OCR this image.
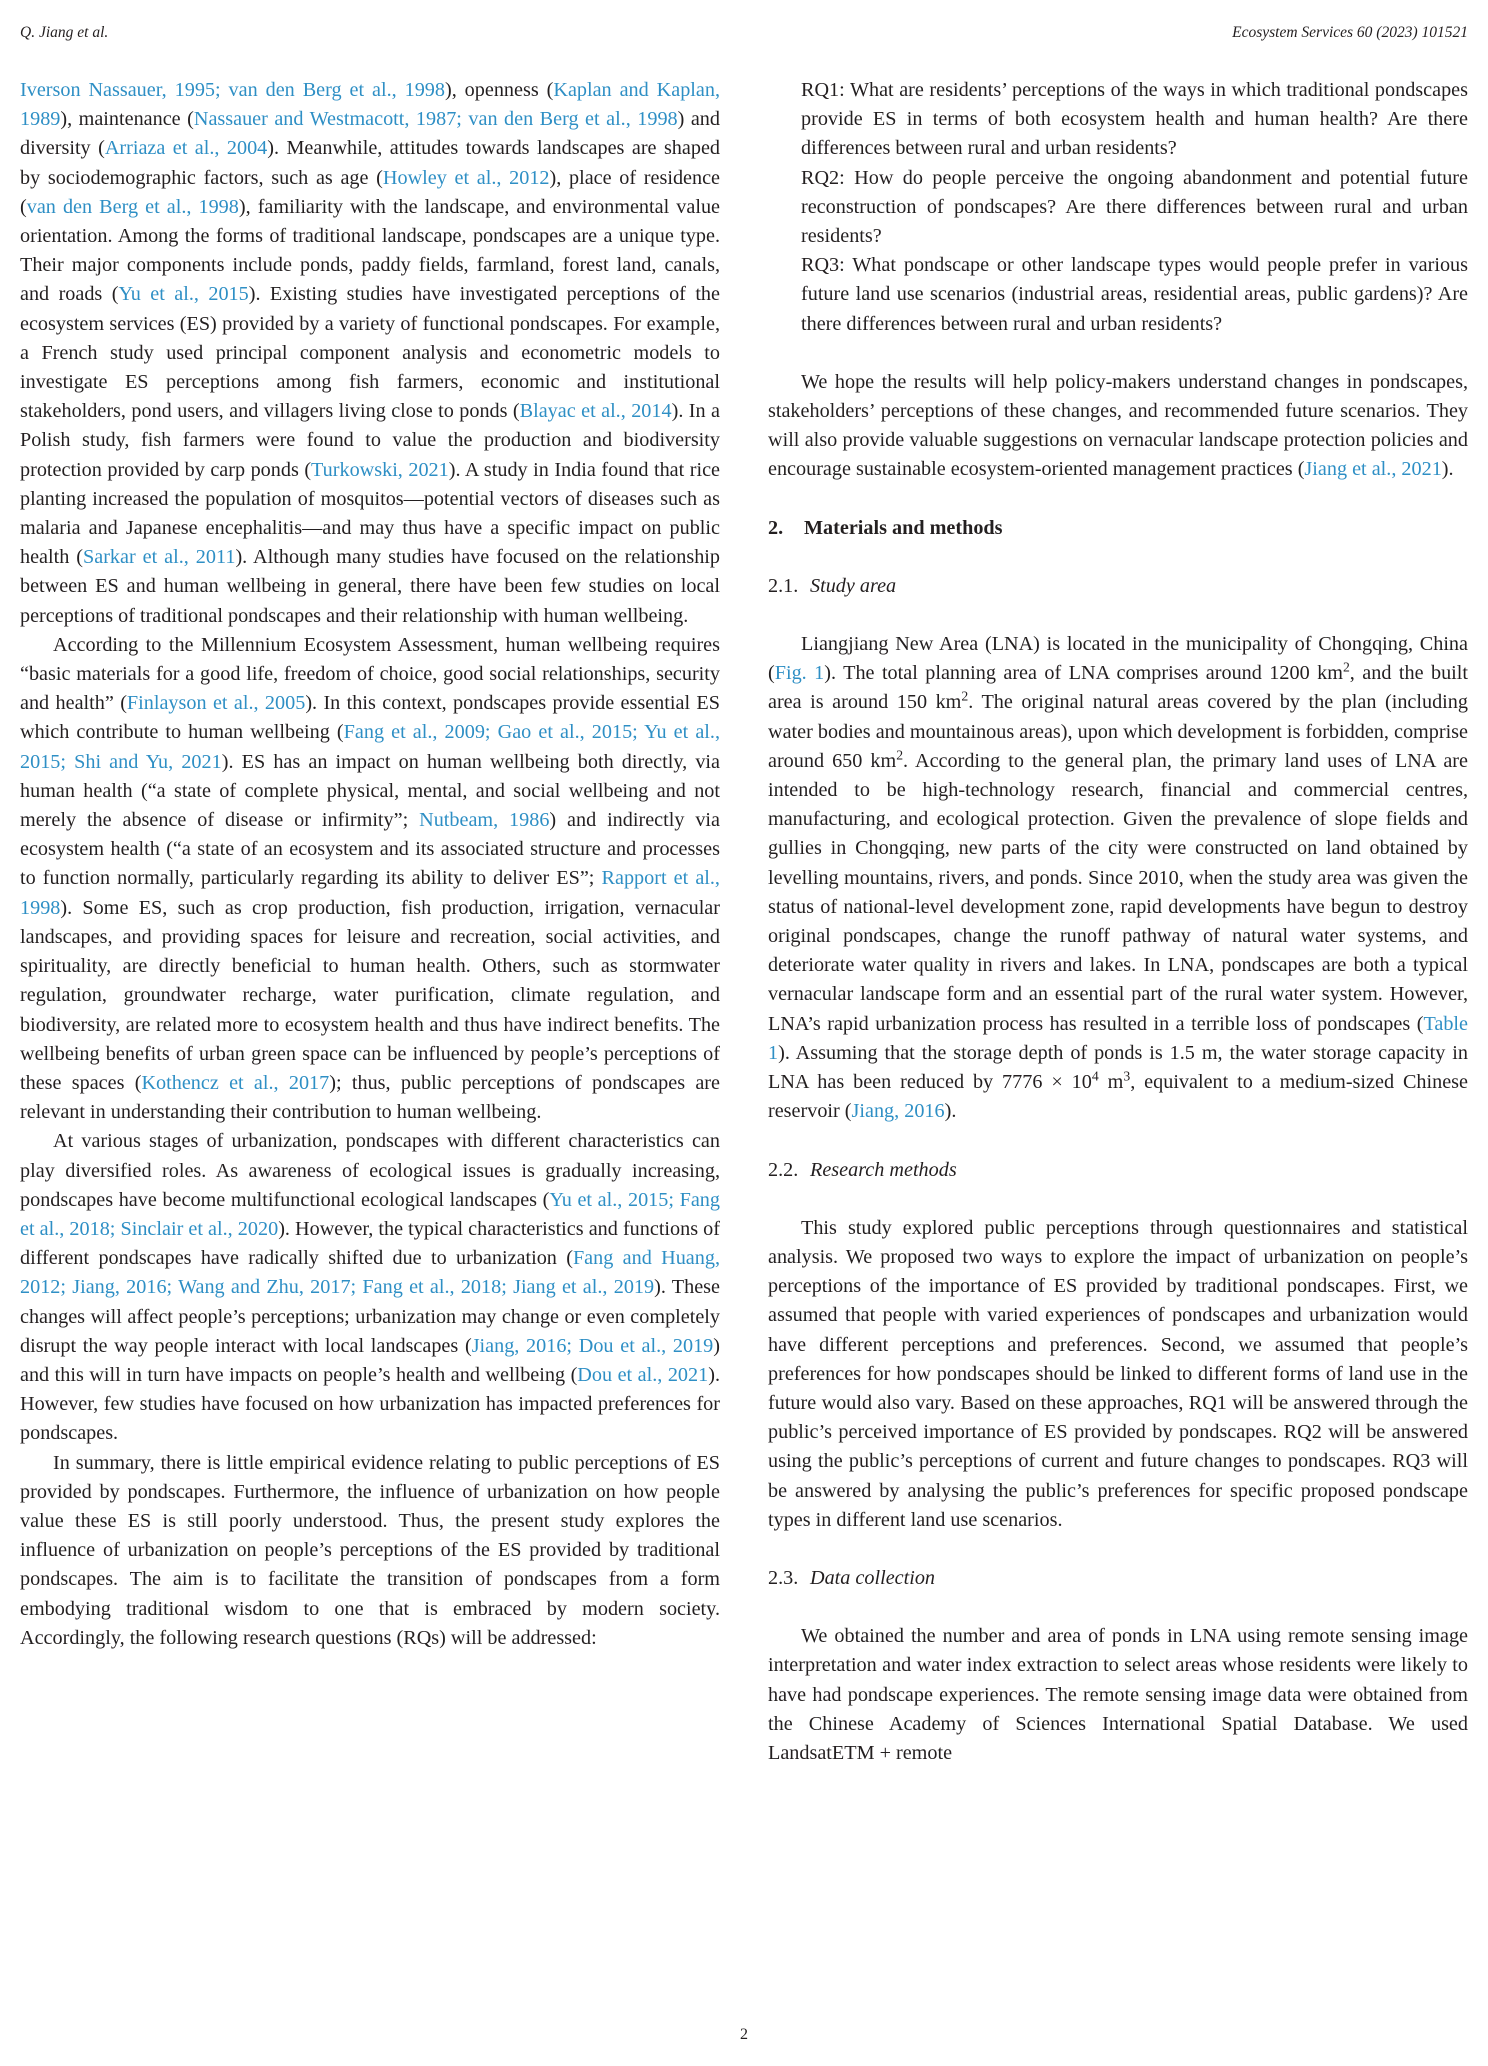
Q. Jiang et al.	Ecosystem Services 60 (2023) 101521

Iverson Nassauer, 1995; van den Berg et al., 1998), openness (Kaplan and Kaplan, 1989), maintenance (Nassauer and Westmacott, 1987; van den Berg et al., 1998) and diversity (Arriaza et al., 2004). Meanwhile, attitudes towards landscapes are shaped by sociodemographic factors, such as age (Howley et al., 2012), place of residence (van den Berg et al., 1998), familiarity with the landscape, and environmental value orientation. Among the forms of traditional landscape, pondscapes are a unique type. Their major components include ponds, paddy fields, farmland, forest land, canals, and roads (Yu et al., 2015). Existing studies have investigated perceptions of the ecosystem services (ES) provided by a variety of functional pondscapes. For example, a French study used principal component analysis and econometric models to investigate ES perceptions among fish farmers, economic and institutional stakeholders, pond users, and villagers living close to ponds (Blayac et al., 2014). In a Polish study, fish farmers were found to value the production and biodiversity protection provided by carp ponds (Turkowski, 2021). A study in India found that rice planting increased the population of mosquitos—potential vectors of diseases such as malaria and Japanese encephalitis—and may thus have a specific impact on public health (Sarkar et al., 2011). Although many studies have focused on the relationship between ES and human wellbeing in general, there have been few studies on local perceptions of traditional pondscapes and their relationship with human wellbeing.

According to the Millennium Ecosystem Assessment, human wellbeing requires “basic materials for a good life, freedom of choice, good social relationships, security and health” (Finlayson et al., 2005). In this context, pondscapes provide essential ES which contribute to human wellbeing (Fang et al., 2009; Gao et al., 2015; Yu et al., 2015; Shi and Yu, 2021). ES has an impact on human wellbeing both directly, via human health (“a state of complete physical, mental, and social wellbeing and not merely the absence of disease or infirmity”; Nutbeam, 1986) and indirectly via ecosystem health (“a state of an ecosystem and its associated structure and processes to function normally, particularly regarding its ability to deliver ES”; Rapport et al., 1998). Some ES, such as crop production, fish production, irrigation, vernacular landscapes, and providing spaces for leisure and recreation, social activities, and spirituality, are directly beneficial to human health. Others, such as stormwater regulation, groundwater recharge, water purification, climate regulation, and biodiversity, are related more to ecosystem health and thus have indirect benefits. The wellbeing benefits of urban green space can be influenced by people’s perceptions of these spaces (Kothencz et al., 2017); thus, public perceptions of pondscapes are relevant in understanding their contribution to human wellbeing.

At various stages of urbanization, pondscapes with different characteristics can play diversified roles. As awareness of ecological issues is gradually increasing, pondscapes have become multifunctional ecological landscapes (Yu et al., 2015; Fang et al., 2018; Sinclair et al., 2020). However, the typical characteristics and functions of different pondscapes have radically shifted due to urbanization (Fang and Huang, 2012; Jiang, 2016; Wang and Zhu, 2017; Fang et al., 2018; Jiang et al., 2019). These changes will affect people’s perceptions; urbanization may change or even completely disrupt the way people interact with local landscapes (Jiang, 2016; Dou et al., 2019) and this will in turn have impacts on people’s health and wellbeing (Dou et al., 2021). However, few studies have focused on how urbanization has impacted preferences for pondscapes.

In summary, there is little empirical evidence relating to public perceptions of ES provided by pondscapes. Furthermore, the influence of urbanization on how people value these ES is still poorly understood. Thus, the present study explores the influence of urbanization on people’s perceptions of the ES provided by traditional pondscapes. The aim is to facilitate the transition of pondscapes from a form embodying traditional wisdom to one that is embraced by modern society. Accordingly, the following research questions (RQs) will be addressed:

RQ1: What are residents’ perceptions of the ways in which traditional pondscapes provide ES in terms of both ecosystem health and human health? Are there differences between rural and urban residents?

RQ2: How do people perceive the ongoing abandonment and potential future reconstruction of pondscapes? Are there differences between rural and urban residents?

RQ3: What pondscape or other landscape types would people prefer in various future land use scenarios (industrial areas, residential areas, public gardens)? Are there differences between rural and urban residents?

We hope the results will help policy-makers understand changes in pondscapes, stakeholders’ perceptions of these changes, and recommended future scenarios. They will also provide valuable suggestions on vernacular landscape protection policies and encourage sustainable ecosystem-oriented management practices (Jiang et al., 2021).

2. Materials and methods
2.1. Study area

Liangjiang New Area (LNA) is located in the municipality of Chongqing, China (Fig. 1). The total planning area of LNA comprises around 1200 $km^2$, and the built area is around 150 $km^2$. The original natural areas covered by the plan (including water bodies and mountainous areas), upon which development is forbidden, comprise around 650 $km^2$. According to the general plan, the primary land uses of LNA are intended to be high-technology research, financial and commercial centres, manufacturing, and ecological protection. Given the prevalence of slope fields and gullies in Chongqing, new parts of the city were constructed on land obtained by levelling mountains, rivers, and ponds. Since 2010, when the study area was given the status of national-level development zone, rapid developments have begun to destroy original pondscapes, change the runoff pathway of natural water systems, and deteriorate water quality in rivers and lakes. In LNA, pondscapes are both a typical vernacular landscape form and an essential part of the rural water system. However, LNA’s rapid urbanization process has resulted in a terrible loss of pondscapes (Table 1). Assuming that the storage depth of ponds is 1.5 m, the water storage capacity in LNA has been reduced by $7776 \times 10^4$ $m^3$, equivalent to a medium-sized Chinese reservoir (Jiang, 2016).

2.2. Research methods

This study explored public perceptions through questionnaires and statistical analysis. We proposed two ways to explore the impact of urbanization on people’s perceptions of the importance of ES provided by traditional pondscapes. First, we assumed that people with varied experiences of pondscapes and urbanization would have different perceptions and preferences. Second, we assumed that people’s preferences for how pondscapes should be linked to different forms of land use in the future would also vary. Based on these approaches, RQ1 will be answered through the public’s perceived importance of ES provided by pondscapes. RQ2 will be answered using the public’s perceptions of current and future changes to pondscapes. RQ3 will be answered by analysing the public’s preferences for specific proposed pondscape types in different land use scenarios.

2.3. Data collection

We obtained the number and area of ponds in LNA using remote sensing image interpretation and water index extraction to select areas whose residents were likely to have had pondscape experiences. The remote sensing image data were obtained from the Chinese Academy of Sciences International Spatial Database. We used LandsatETM + remote

2
